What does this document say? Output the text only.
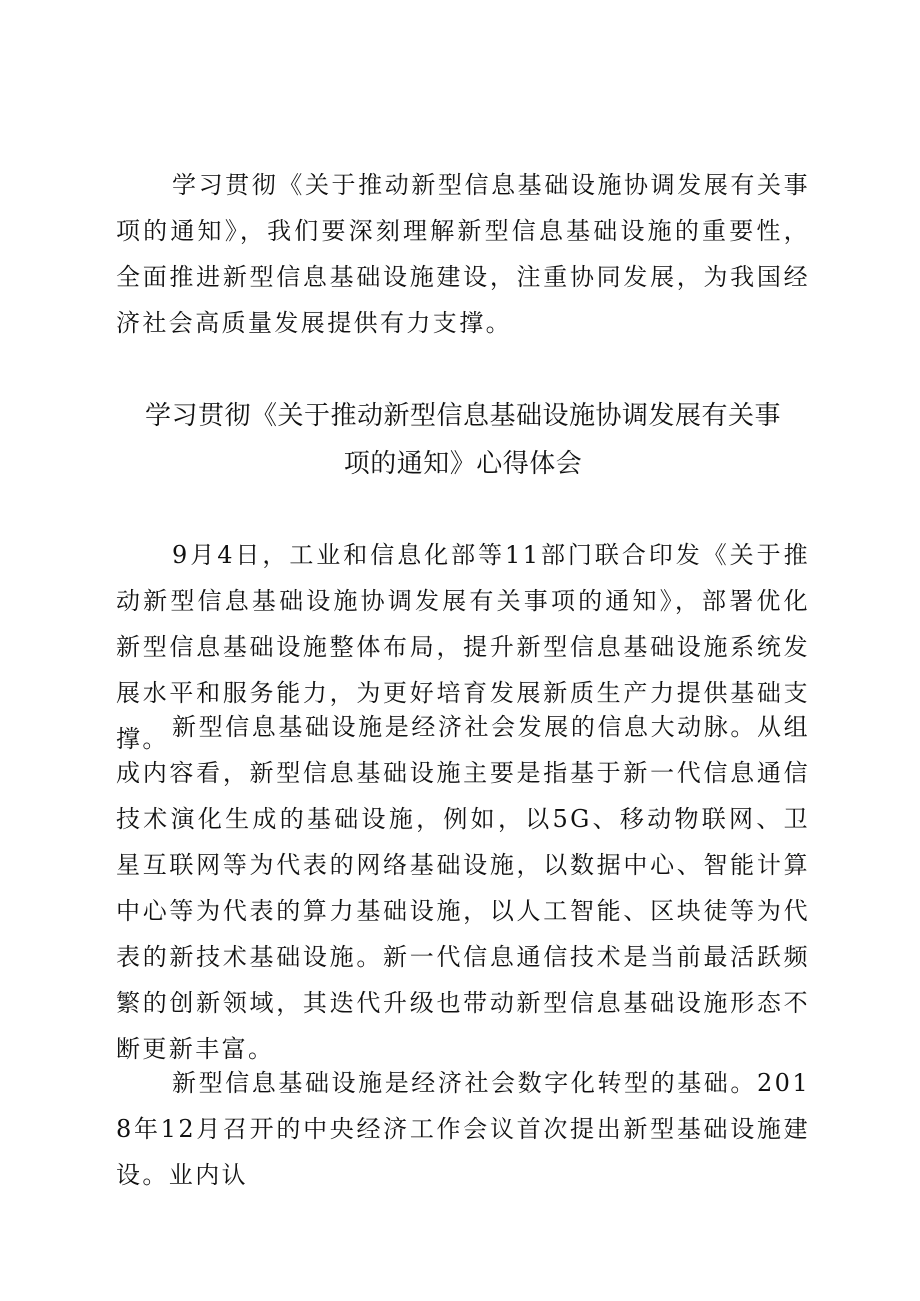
学习贯彻《关于推动新型信息基础设施协调发展有关事项的通知》，我们要深刻理解新型信息基础设施的重要性，全面推进新型信息基础设施建设，注重协同发展，为我国经济社会高质量发展提供有力支撑。

学习贯彻《关于推动新型信息基础设施协调发展有关事
项的通知》心得体会

9月4日，工业和信息化部等11部门联合印发《关于推动新型信息基础设施协调发展有关事项的通知》，部署优化新型信息基础设施整体布局，提升新型信息基础设施系统发展水平和服务能力，为更好培育发展新质生产力提供基础支撑。 新型信息基础设施是经济社会发展的信息大动脉。从组成内容看，新型信息基础设施主要是指基于新一代信息通信技术演化生成的基础设施，例如，以5G、移动物联网、卫星互联网等为代表的网络基础设施，以数据中心、智能计算中心等为代表的算力基础设施，以人工智能、区块徒等为代表的新技术基础设施。新一代信息通信技术是当前最活跃频繁的创新领域，其迭代升级也带动新型信息基础设施形态不断更新丰富。

新型信息基础设施是经济社会数字化转型的基础。2018年12月召开的中央经济工作会议首次提出新型基础设施建设。业内认
